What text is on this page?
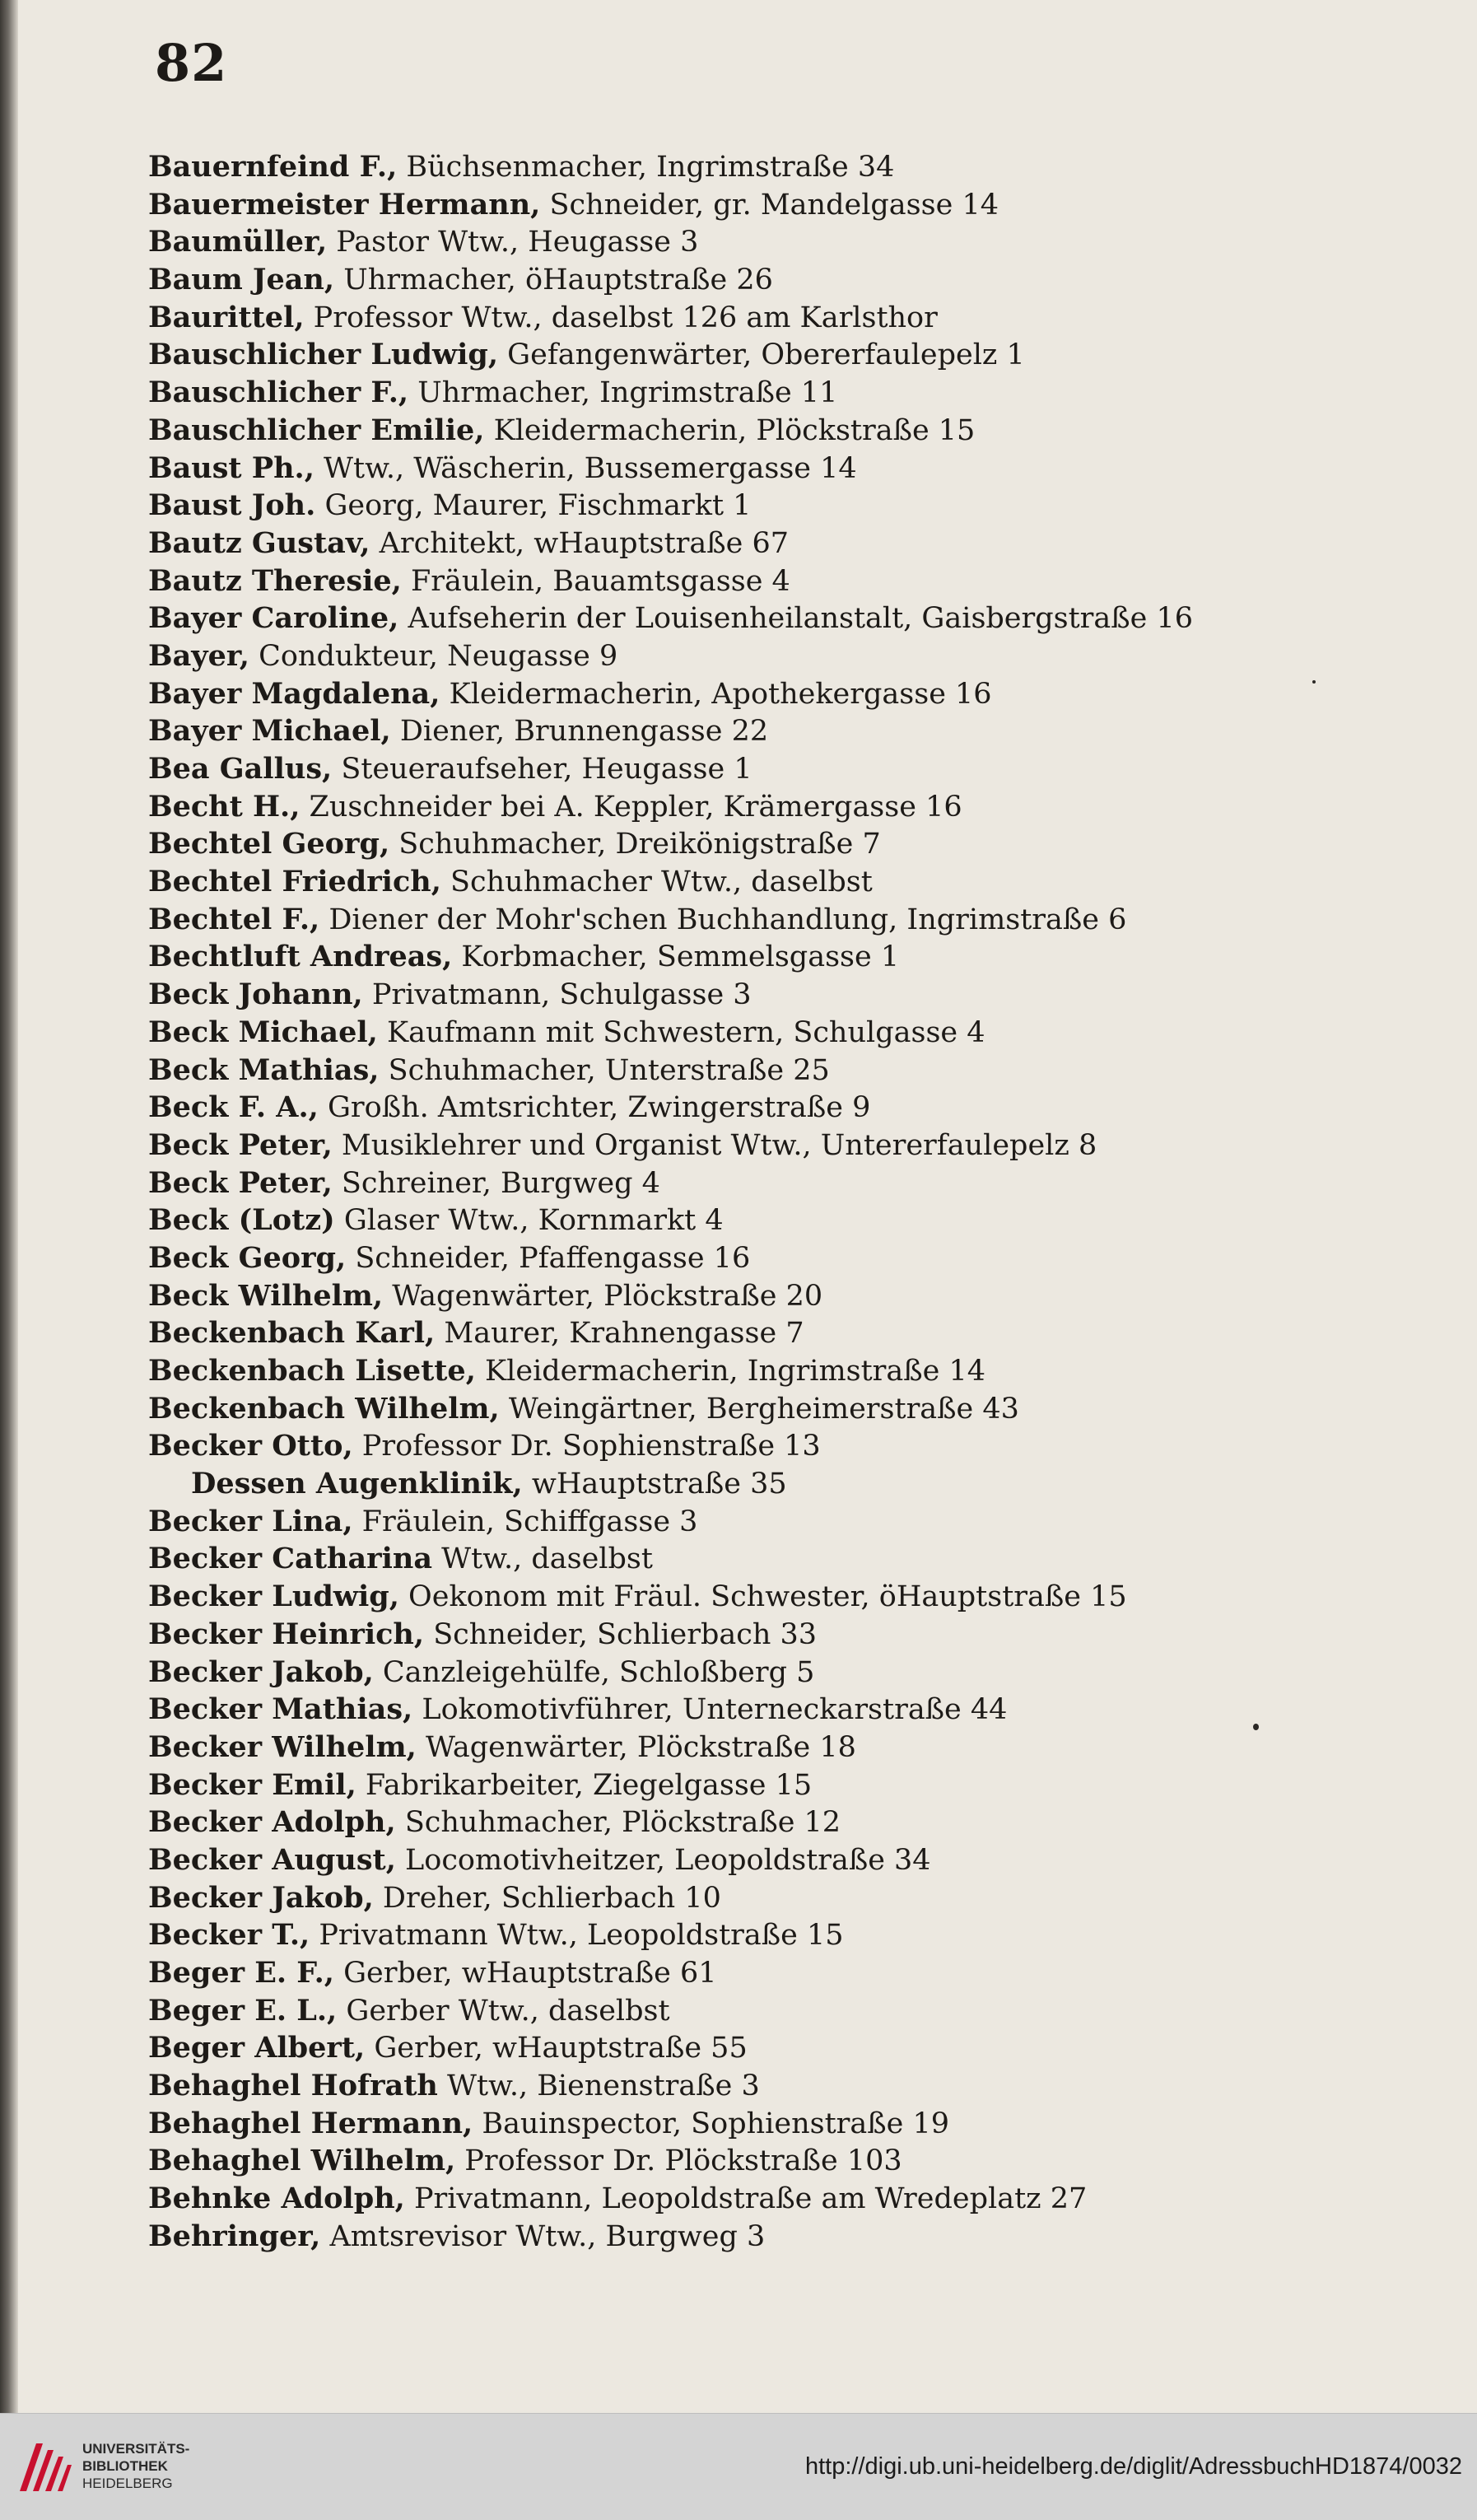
82
Bauernfeind F., Büchsenmacher, Ingrimstraße 34
Bauermeister Hermann, Schneider, gr. Mandelgasse 14
Baumüller, Pastor Wtw., Heugasse 3
Baum Jean, Uhrmacher, öHauptstraße 26
Baurittel, Professor Wtw., daselbst 126 am Karlsthor
Bauschlicher Ludwig, Gefangenwärter, Obererfaulepelz 1
Bauschlicher F., Uhrmacher, Ingrimstraße 11
Bauschlicher Emilie, Kleidermacherin, Plöckstraße 15
Baust Ph., Wtw., Wäscherin, Bussemergasse 14
Baust Joh. Georg, Maurer, Fischmarkt 1
Bautz Gustav, Architekt, wHauptstraße 67
Bautz Theresie, Fräulein, Bauamtsgasse 4
Bayer Caroline, Aufseherin der Louisenheilanstalt, Gaisbergstraße 16
Bayer, Condukteur, Neugasse 9
Bayer Magdalena, Kleidermacherin, Apothekergasse 16
Bayer Michael, Diener, Brunnengasse 22
Bea Gallus, Steueraufseher, Heugasse 1
Becht H., Zuschneider bei A. Keppler, Krämergasse 16
Bechtel Georg, Schuhmacher, Dreikönigstraße 7
Bechtel Friedrich, Schuhmacher Wtw., daselbst
Bechtel F., Diener der Mohr'schen Buchhandlung, Ingrimstraße 6
Bechtluft Andreas, Korbmacher, Semmelsgasse 1
Beck Johann, Privatmann, Schulgasse 3
Beck Michael, Kaufmann mit Schwestern, Schulgasse 4
Beck Mathias, Schuhmacher, Unterstraße 25
Beck F. A., Großh. Amtsrichter, Zwingerstraße 9
Beck Peter, Musiklehrer und Organist Wtw., Untererfaulepelz 8
Beck Peter, Schreiner, Burgweg 4
Beck (Lotz) Glaser Wtw., Kornmarkt 4
Beck Georg, Schneider, Pfaffengasse 16
Beck Wilhelm, Wagenwärter, Plöckstraße 20
Beckenbach Karl, Maurer, Krahnengasse 7
Beckenbach Lisette, Kleidermacherin, Ingrimstraße 14
Beckenbach Wilhelm, Weingärtner, Bergheimerstraße 43
Becker Otto, Professor Dr. Sophienstraße 13
Dessen Augenklinik, wHauptstraße 35
Becker Lina, Fräulein, Schiffgasse 3
Becker Catharina Wtw., daselbst
Becker Ludwig, Oekonom mit Fräul. Schwester, öHauptstraße 15
Becker Heinrich, Schneider, Schlierbach 33
Becker Jakob, Canzleigehülfe, Schloßberg 5
Becker Mathias, Lokomotivführer, Unterneckarstraße 44
Becker Wilhelm, Wagenwärter, Plöckstraße 18
Becker Emil, Fabrikarbeiter, Ziegelgasse 15
Becker Adolph, Schuhmacher, Plöckstraße 12
Becker August, Locomotivheitzer, Leopoldstraße 34
Becker Jakob, Dreher, Schlierbach 10
Becker T., Privatmann Wtw., Leopoldstraße 15
Beger E. F., Gerber, wHauptstraße 61
Beger E. L., Gerber Wtw., daselbst
Beger Albert, Gerber, wHauptstraße 55
Behaghel Hofrath Wtw., Bienenstraße 3
Behaghel Hermann, Bauinspector, Sophienstraße 19
Behaghel Wilhelm, Professor Dr. Plöckstraße 103
Behnke Adolph, Privatmann, Leopoldstraße am Wredeplatz 27
Behringer, Amtsrevisor Wtw., Burgweg 3
UNIVERSITÄTS-
BIBLIOTHEK
HEIDELBERG
http://digi.ub.uni-heidelberg.de/diglit/AdressbuchHD1874/0032
